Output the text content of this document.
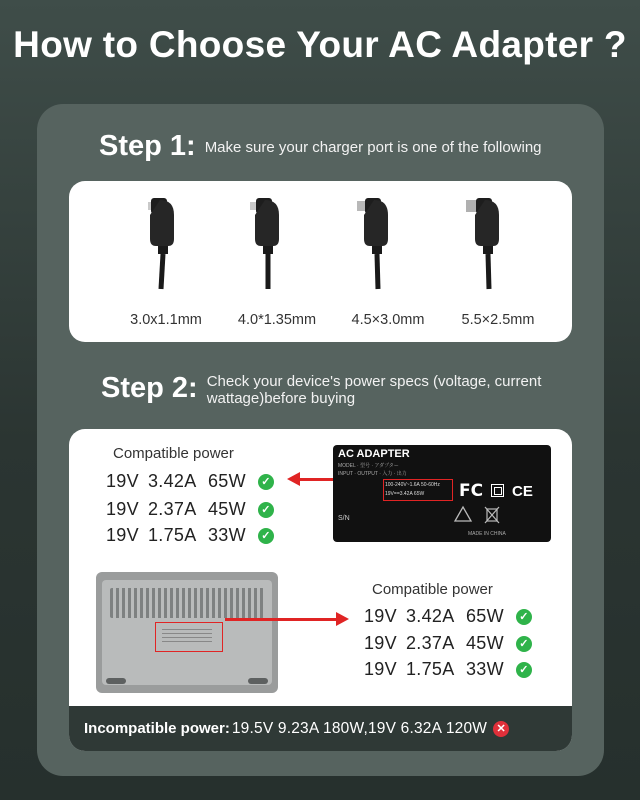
How to Choose Your AC Adapter ?
Step 1: Make sure your charger port is one of the following
3.0x1.1mm 4.0*1.35mm 4.5×3.0mm	5.5×2.5mm
Step 2: Check your device's power specs (voltage, current wattage)before buying
Compatible power
19V 3.42A 65W	✓
19V 2.37A 45W	✓
19V 1.75A 33W	✓
AC ADAPTER
MODEL · 型号 · アダプター
INPUT · OUTPUT · 入力 · 出力
100-240V~1.6A 50-60Hz
19V==3.42A 65W FC CE
S/N
MADE IN CHINA
Compatible power
19V 3.42A 65W	✓
19V 2.37A 45W	✓
19V 1.75A 33W	✓
Incompatible power: 19.5V 9.23A 180W,19V 6.32A 120W ✕
